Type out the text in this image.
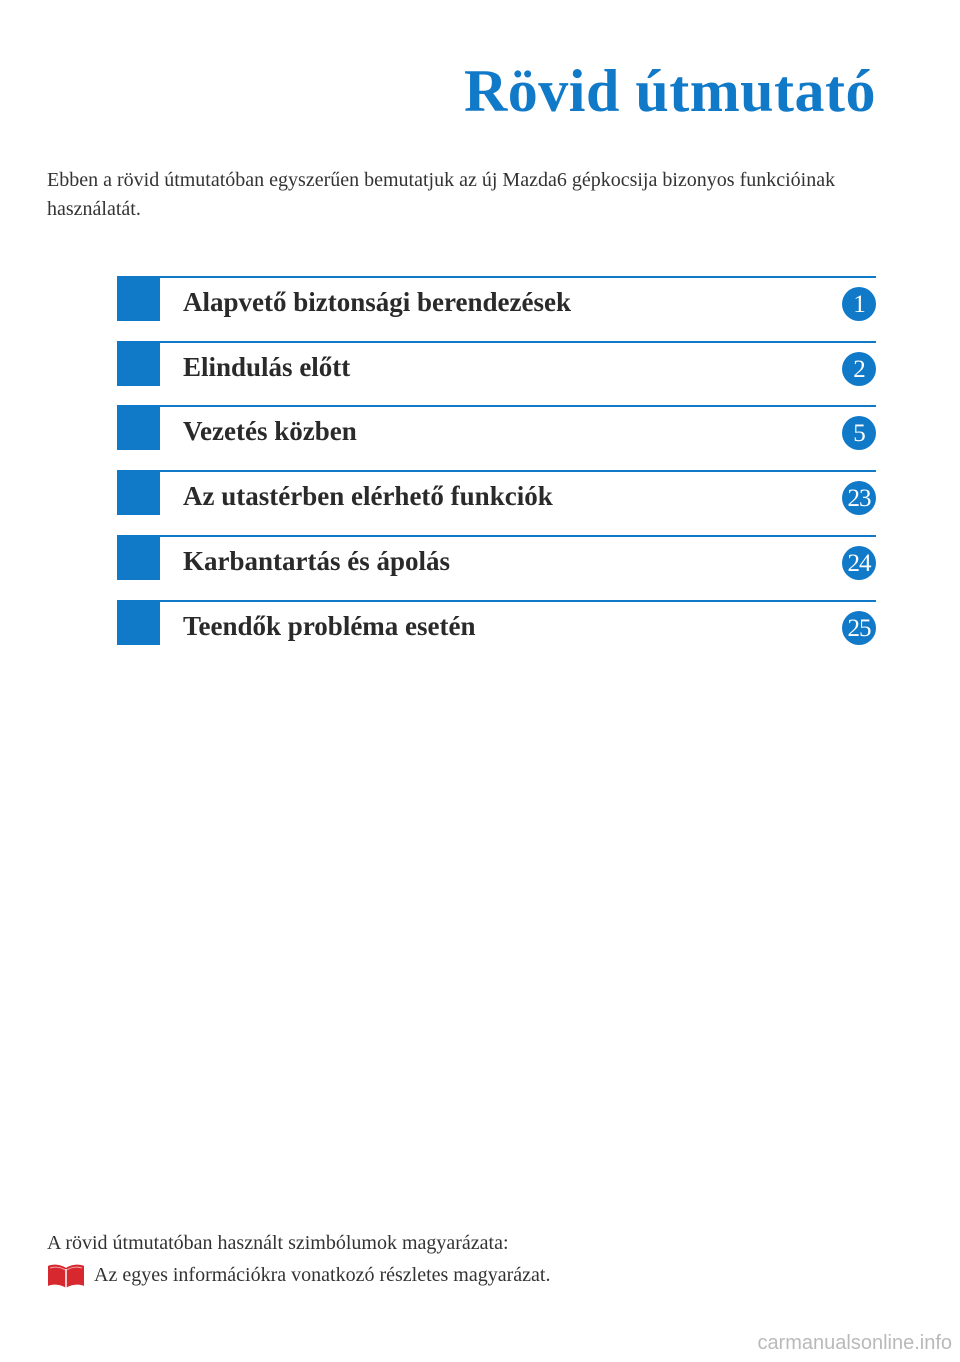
Rövid útmutató

Ebben a rövid útmutatóban egyszerűen bemutatjuk az új Mazda6 gépkocsija bizonyos funkcióinak használatát.

Alapvető biztonsági berendezések	1
Elindulás előtt	2
Vezetés közben	5
Az utastérben elérhető funkciók	23
Karbantartás és ápolás	24
Teendők probléma esetén	25

A rövid útmutatóban használt szimbólumok magyarázata:

Az egyes információkra vonatkozó részletes magyarázat.
carmanualsonline.info
